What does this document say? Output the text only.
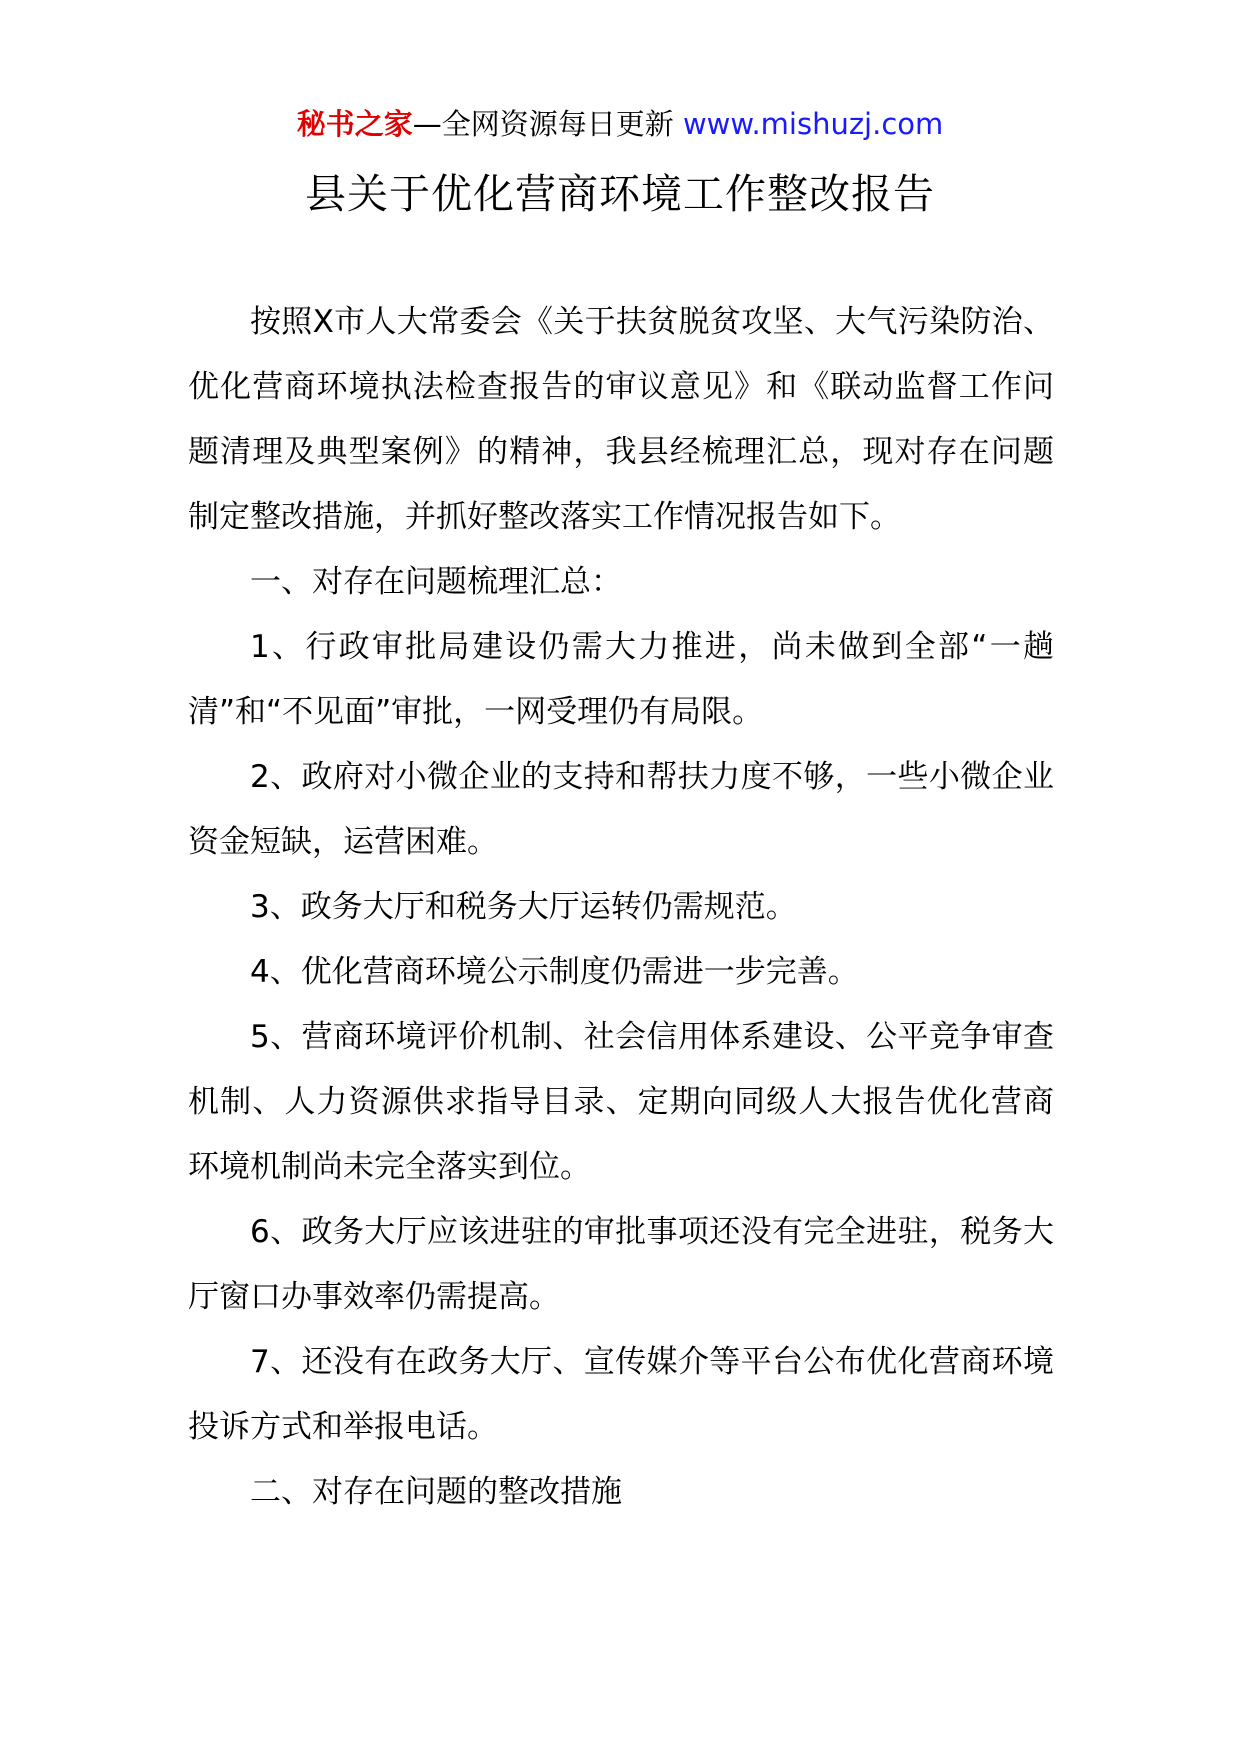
秘书之家—全网资源每日更新 www.mishuzj.com
县关于优化营商环境工作整改报告

按照X市人大常委会《关于扶贫脱贫攻坚、大气污染防治、优化营商环境执法检查报告的审议意见》和《联动监督工作问题清理及典型案例》的精神，我县经梳理汇总，现对存在问题制定整改措施，并抓好整改落实工作情况报告如下。

一、对存在问题梳理汇总：

1、行政审批局建设仍需大力推进，尚未做到全部“一趟清”和“不见面”审批，一网受理仍有局限。

2、政府对小微企业的支持和帮扶力度不够，一些小微企业资金短缺，运营困难。

3、政务大厅和税务大厅运转仍需规范。

4、优化营商环境公示制度仍需进一步完善。

5、营商环境评价机制、社会信用体系建设、公平竞争审查机制、人力资源供求指导目录、定期向同级人大报告优化营商环境机制尚未完全落实到位。

6、政务大厅应该进驻的审批事项还没有完全进驻，税务大厅窗口办事效率仍需提高。

7、还没有在政务大厅、宣传媒介等平台公布优化营商环境投诉方式和举报电话。

二、对存在问题的整改措施
